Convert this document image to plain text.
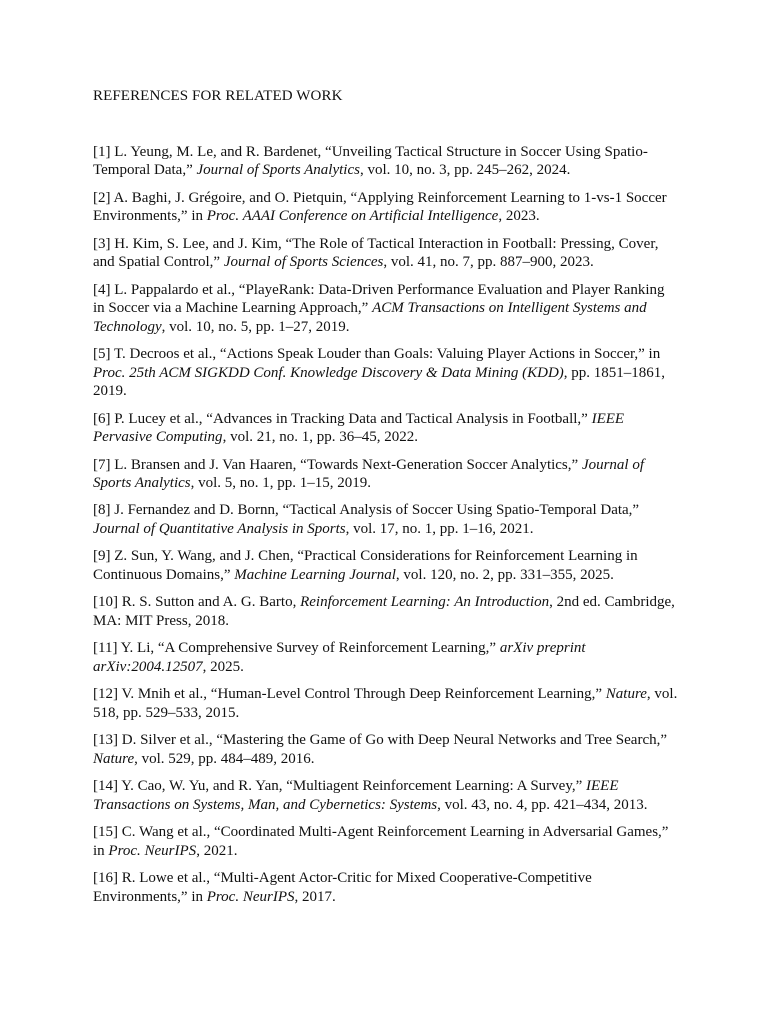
REFERENCES FOR RELATED WORK
[1] L. Yeung, M. Le, and R. Bardenet, “Unveiling Tactical Structure in Soccer Using Spatio-Temporal Data,” Journal of Sports Analytics, vol. 10, no. 3, pp. 245–262, 2024.
[2] A. Baghi, J. Grégoire, and O. Pietquin, “Applying Reinforcement Learning to 1-vs-1 Soccer Environments,” in Proc. AAAI Conference on Artificial Intelligence, 2023.
[3] H. Kim, S. Lee, and J. Kim, “The Role of Tactical Interaction in Football: Pressing, Cover, and Spatial Control,” Journal of Sports Sciences, vol. 41, no. 7, pp. 887–900, 2023.
[4] L. Pappalardo et al., “PlayeRank: Data-Driven Performance Evaluation and Player Ranking in Soccer via a Machine Learning Approach,” ACM Transactions on Intelligent Systems and Technology, vol. 10, no. 5, pp. 1–27, 2019.
[5] T. Decroos et al., “Actions Speak Louder than Goals: Valuing Player Actions in Soccer,” in Proc. 25th ACM SIGKDD Conf. Knowledge Discovery & Data Mining (KDD), pp. 1851–1861, 2019.
[6] P. Lucey et al., “Advances in Tracking Data and Tactical Analysis in Football,” IEEE Pervasive Computing, vol. 21, no. 1, pp. 36–45, 2022.
[7] L. Bransen and J. Van Haaren, “Towards Next-Generation Soccer Analytics,” Journal of Sports Analytics, vol. 5, no. 1, pp. 1–15, 2019.
[8] J. Fernandez and D. Bornn, “Tactical Analysis of Soccer Using Spatio-Temporal Data,” Journal of Quantitative Analysis in Sports, vol. 17, no. 1, pp. 1–16, 2021.
[9] Z. Sun, Y. Wang, and J. Chen, “Practical Considerations for Reinforcement Learning in Continuous Domains,” Machine Learning Journal, vol. 120, no. 2, pp. 331–355, 2025.
[10] R. S. Sutton and A. G. Barto, Reinforcement Learning: An Introduction, 2nd ed. Cambridge, MA: MIT Press, 2018.
[11] Y. Li, “A Comprehensive Survey of Reinforcement Learning,” arXiv preprint arXiv:2004.12507, 2025.
[12] V. Mnih et al., “Human-Level Control Through Deep Reinforcement Learning,” Nature, vol. 518, pp. 529–533, 2015.
[13] D. Silver et al., “Mastering the Game of Go with Deep Neural Networks and Tree Search,” Nature, vol. 529, pp. 484–489, 2016.
[14] Y. Cao, W. Yu, and R. Yan, “Multiagent Reinforcement Learning: A Survey,” IEEE Transactions on Systems, Man, and Cybernetics: Systems, vol. 43, no. 4, pp. 421–434, 2013.
[15] C. Wang et al., “Coordinated Multi-Agent Reinforcement Learning in Adversarial Games,” in Proc. NeurIPS, 2021.
[16] R. Lowe et al., “Multi-Agent Actor-Critic for Mixed Cooperative-Competitive Environments,” in Proc. NeurIPS, 2017.
